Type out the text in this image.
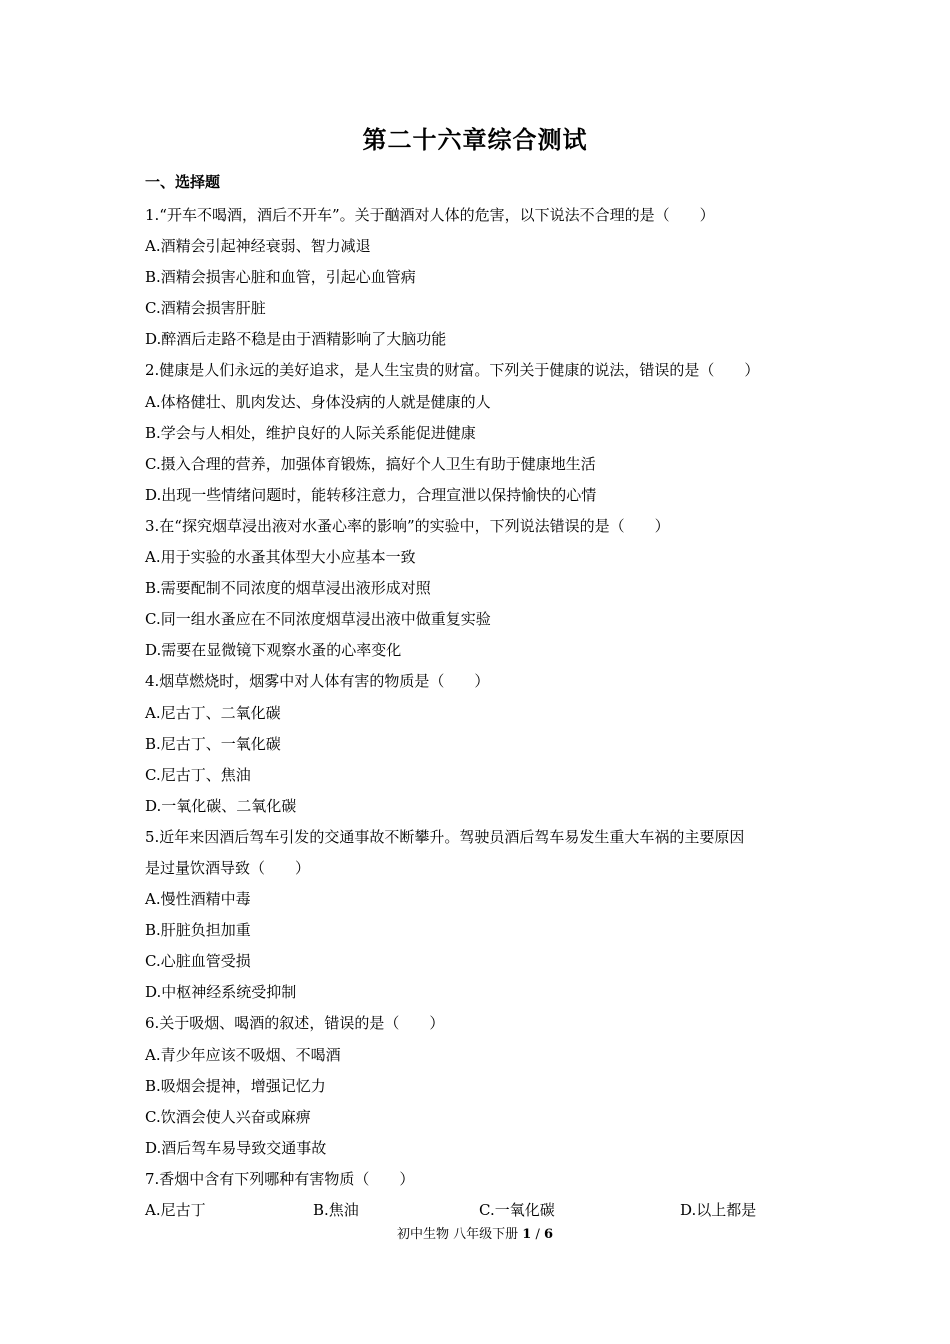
第二十六章综合测试
一、选择题
1.“开车不喝酒，酒后不开车”。关于酗酒对人体的危害，以下说法不合理的是（　　）
A.酒精会引起神经衰弱、智力减退
B.酒精会损害心脏和血管，引起心血管病
C.酒精会损害肝脏
D.醉酒后走路不稳是由于酒精影响了大脑功能
2.健康是人们永远的美好追求，是人生宝贵的财富。下列关于健康的说法，错误的是（　　）
A.体格健壮、肌肉发达、身体没病的人就是健康的人
B.学会与人相处，维护良好的人际关系能促进健康
C.摄入合理的营养，加强体育锻炼，搞好个人卫生有助于健康地生活
D.出现一些情绪问题时，能转移注意力，合理宣泄以保持愉快的心情
3.在“探究烟草浸出液对水蚤心率的影响”的实验中，下列说法错误的是（　　）
A.用于实验的水蚤其体型大小应基本一致
B.需要配制不同浓度的烟草浸出液形成对照
C.同一组水蚤应在不同浓度烟草浸出液中做重复实验
D.需要在显微镜下观察水蚤的心率变化
4.烟草燃烧时，烟雾中对人体有害的物质是（　　）
A.尼古丁、二氧化碳
B.尼古丁、一氧化碳
C.尼古丁、焦油
D.一氧化碳、二氧化碳
5.近年来因酒后驾车引发的交通事故不断攀升。驾驶员酒后驾车易发生重大车祸的主要原因
是过量饮酒导致（　　）
A.慢性酒精中毒
B.肝脏负担加重
C.心脏血管受损
D.中枢神经系统受抑制
6.关于吸烟、喝酒的叙述，错误的是（　　）
A.青少年应该不吸烟、不喝酒
B.吸烟会提神，增强记忆力
C.饮酒会使人兴奋或麻痹
D.酒后驾车易导致交通事故
7.香烟中含有下列哪种有害物质（　　）
A.尼古丁	B.焦油	C.一氧化碳	D.以上都是
初中生物 八年级下册 1 / 6
